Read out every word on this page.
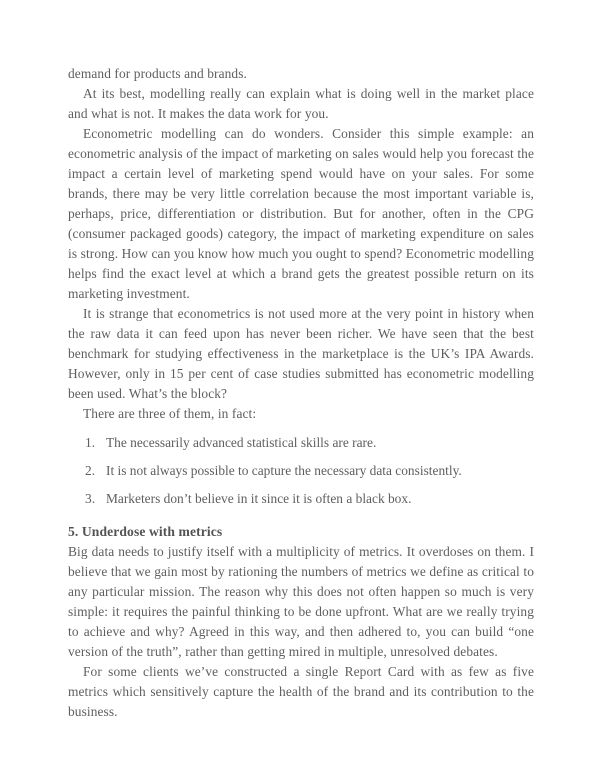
demand for products and brands.

At its best, modelling really can explain what is doing well in the market place and what is not. It makes the data work for you.

Econometric modelling can do wonders. Consider this simple example: an econometric analysis of the impact of marketing on sales would help you forecast the impact a certain level of marketing spend would have on your sales. For some brands, there may be very little correlation because the most important variable is, perhaps, price, differentiation or distribution. But for another, often in the CPG (consumer packaged goods) category, the impact of marketing expenditure on sales is strong. How can you know how much you ought to spend? Econometric modelling helps find the exact level at which a brand gets the greatest possible return on its marketing investment.

It is strange that econometrics is not used more at the very point in history when the raw data it can feed upon has never been richer. We have seen that the best benchmark for studying effectiveness in the marketplace is the UK’s IPA Awards. However, only in 15 per cent of case studies submitted has econometric modelling been used. What’s the block?

There are three of them, in fact:

1. The necessarily advanced statistical skills are rare.
2. It is not always possible to capture the necessary data consistently.
3. Marketers don’t believe in it since it is often a black box.
5. Underdose with metrics

Big data needs to justify itself with a multiplicity of metrics. It overdoses on them. I believe that we gain most by rationing the numbers of metrics we define as critical to any particular mission. The reason why this does not often happen so much is very simple: it requires the painful thinking to be done upfront. What are we really trying to achieve and why? Agreed in this way, and then adhered to, you can build “one version of the truth”, rather than getting mired in multiple, unresolved debates.

For some clients we’ve constructed a single Report Card with as few as five metrics which sensitively capture the health of the brand and its contribution to the business.
